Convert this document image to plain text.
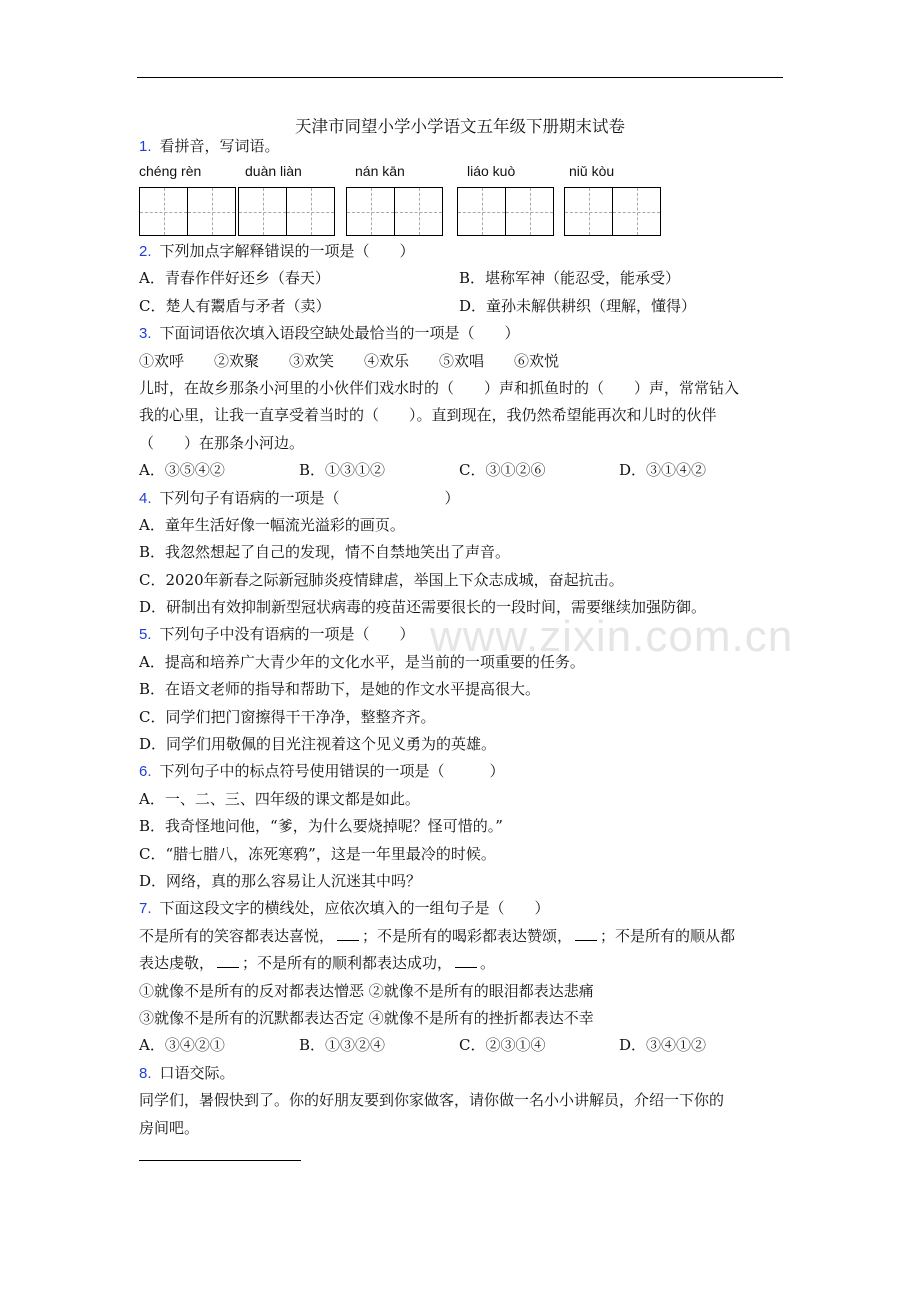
天津市同望小学小学语文五年级下册期末试卷
www.zixin.com.cn
1. 看拼音，写词语。
chéng rèn	duàn liàn	nán kān	liáo kuò	niǔ kòu
2. 下列加点字解释错误的一项是（　　）
A．青春作伴好还乡（春天）	B．堪称军神（能忍受，能承受）
C．楚人有鬻盾与矛者（卖）	D．童孙未解供耕织（理解，懂得）
3. 下面词语依次填入语段空缺处最恰当的一项是（　　）
①欢呼　　②欢聚　　③欢笑　　④欢乐　　⑤欢唱　　⑥欢悦
儿时，在故乡那条小河里的小伙伴们戏水时的（　　）声和抓鱼时的（　　）声，常常钻入
我的心里，让我一直享受着当时的（　　）。直到现在，我仍然希望能再次和儿时的伙伴
（　　）在那条小河边。
A．③⑤④②	B．①③①②	C．③①②⑥	D．③①④②
4. 下列句子有语病的一项是（　　　　　　　）
A．童年生活好像一幅流光溢彩的画页。
B．我忽然想起了自己的发现，情不自禁地笑出了声音。
C．2020年新春之际新冠肺炎疫情肆虐，举国上下众志成城，奋起抗击。
D．研制出有效抑制新型冠状病毒的疫苗还需要很长的一段时间，需要继续加强防御。
5. 下列句子中没有语病的一项是（　　）
A．提高和培养广大青少年的文化水平，是当前的一项重要的任务。
B．在语文老师的指导和帮助下，是她的作文水平提高很大。
C．同学们把门窗擦得干干净净，整整齐齐。
D．同学们用敬佩的目光注视着这个见义勇为的英雄。
6. 下列句子中的标点符号使用错误的一项是（　　　）
A．一、二、三、四年级的课文都是如此。
B．我奇怪地问他，“爹，为什么要烧掉呢？怪可惜的。”
C．“腊七腊八，冻死寒鸦”，这是一年里最冷的时候。
D．网络，真的那么容易让人沉迷其中吗？
7. 下面这段文字的横线处，应依次填入的一组句子是（　　）
不是所有的笑容都表达喜悦， ；不是所有的喝彩都表达赞颂， ；不是所有的顺从都
表达虔敬， ；不是所有的顺利都表达成功， 。
①就像不是所有的反对都表达憎恶 ②就像不是所有的眼泪都表达悲痛
③就像不是所有的沉默都表达否定 ④就像不是所有的挫折都表达不幸
A．③④②①	B．①③②④	C．②③①④	D．③④①②
8. 口语交际。
同学们，暑假快到了。你的好朋友要到你家做客，请你做一名小小讲解员，介绍一下你的
房间吧。
